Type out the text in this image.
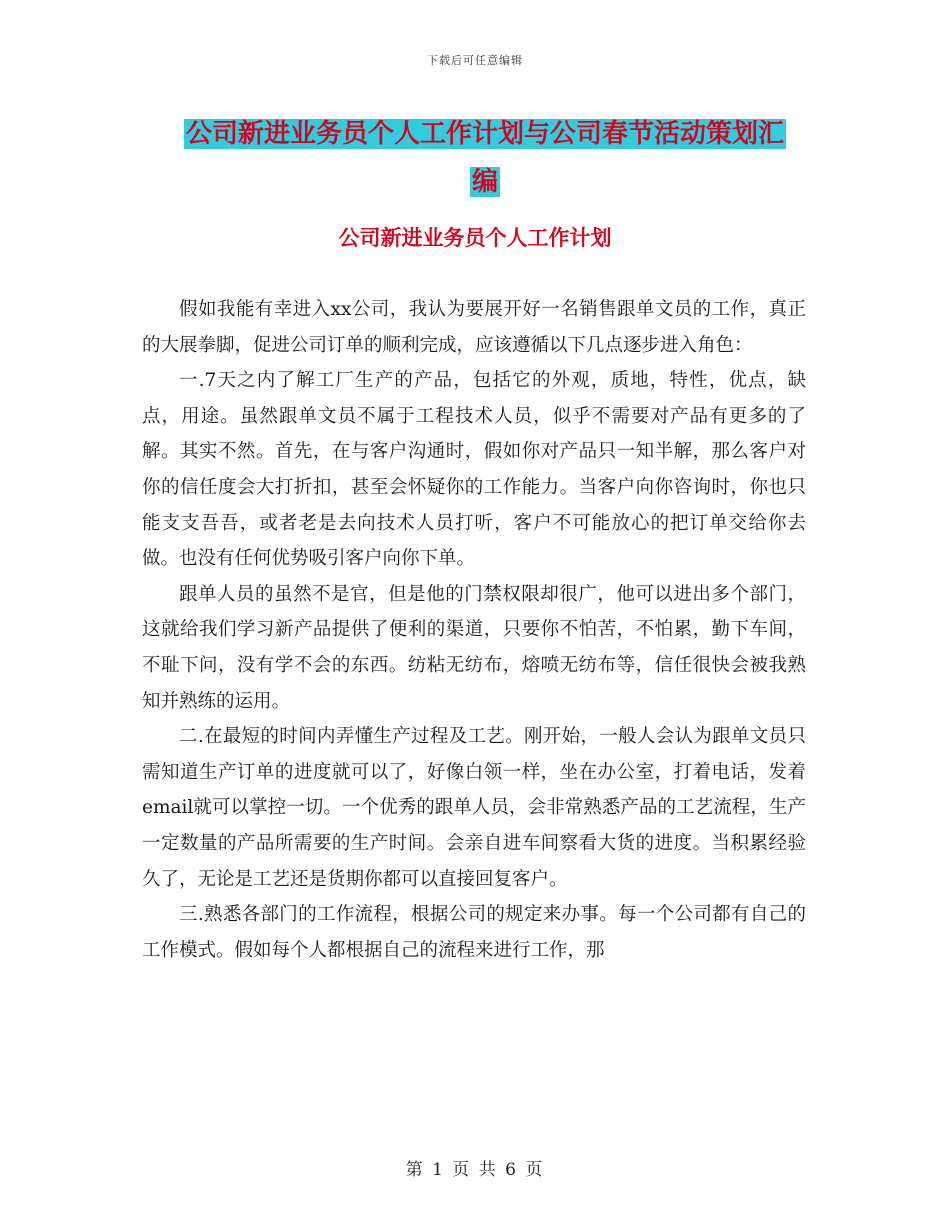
下载后可任意编辑
公司新进业务员个人工作计划与公司春节活动策划汇
编
公司新进业务员个人工作计划

假如我能有幸进入xx公司，我认为要展开好一名销售跟单文员的工作，真正的大展拳脚，促进公司订单的顺利完成，应该遵循以下几点逐步进入角色：

一.7天之内了解工厂生产的产品，包括它的外观，质地，特性，优点，缺点，用途。虽然跟单文员不属于工程技术人员，似乎不需要对产品有更多的了解。其实不然。首先，在与客户沟通时，假如你对产品只一知半解，那么客户对你的信任度会大打折扣，甚至会怀疑你的工作能力。当客户向你咨询时，你也只能支支吾吾，或者老是去向技术人员打听，客户不可能放心的把订单交给你去做。也没有任何优势吸引客户向你下单。

跟单人员的虽然不是官，但是他的门禁权限却很广，他可以进出多个部门，这就给我们学习新产品提供了便利的渠道，只要你不怕苦，不怕累，勤下车间，不耻下问，没有学不会的东西。纺粘无纺布，熔喷无纺布等，信任很快会被我熟知并熟练的运用。

二.在最短的时间内弄懂生产过程及工艺。刚开始，一般人会认为跟单文员只需知道生产订单的进度就可以了，好像白领一样，坐在办公室，打着电话，发着email就可以掌控一切。一个优秀的跟单人员，会非常熟悉产品的工艺流程，生产一定数量的产品所需要的生产时间。会亲自进车间察看大货的进度。当积累经验久了，无论是工艺还是货期你都可以直接回复客户。

三.熟悉各部门的工作流程，根据公司的规定来办事。每一个公司都有自己的工作模式。假如每个人都根据自己的流程来进行工作，那

第 1 页 共 6 页
